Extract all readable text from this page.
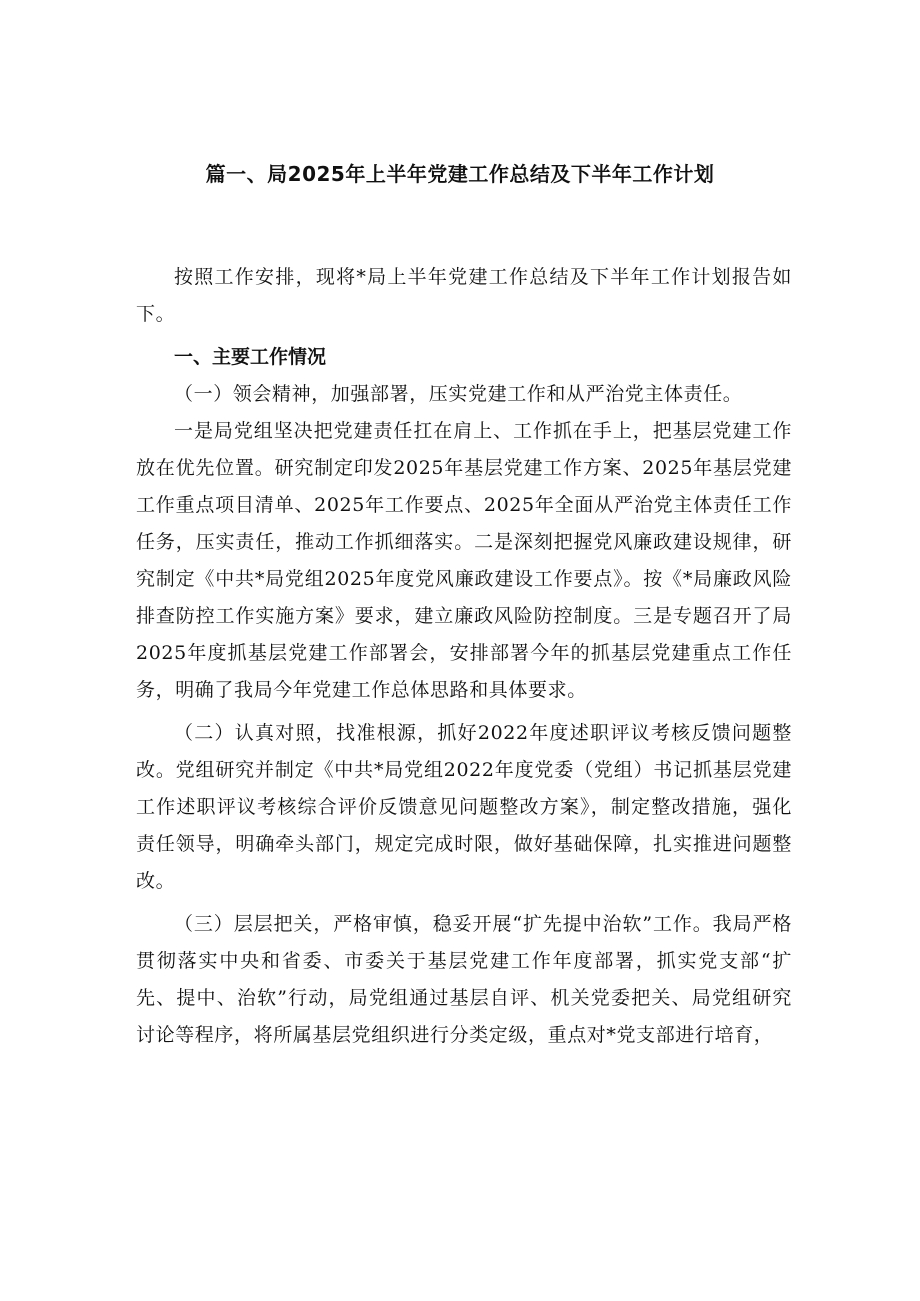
篇一、局2025年上半年党建工作总结及下半年工作计划

按照工作安排，现将*局上半年党建工作总结及下半年工作计划报告如下。

一、主要工作情况

（一）领会精神，加强部署，压实党建工作和从严治党主体责任。

一是局党组坚决把党建责任扛在肩上、工作抓在手上，把基层党建工作放在优先位置。研究制定印发2025年基层党建工作方案、2025年基层党建工作重点项目清单、2025年工作要点、2025年全面从严治党主体责任工作任务，压实责任，推动工作抓细落实。二是深刻把握党风廉政建设规律，研究制定《中共*局党组2025年度党风廉政建设工作要点》。按《*局廉政风险排查防控工作实施方案》要求，建立廉政风险防控制度。三是专题召开了局2025年度抓基层党建工作部署会，安排部署今年的抓基层党建重点工作任务，明确了我局今年党建工作总体思路和具体要求。

（二）认真对照，找准根源，抓好2022年度述职评议考核反馈问题整改。党组研究并制定《中共*局党组2022年度党委（党组）书记抓基层党建工作述职评议考核综合评价反馈意见问题整改方案》，制定整改措施，强化责任领导，明确牵头部门，规定完成时限，做好基础保障，扎实推进问题整改。

（三）层层把关，严格审慎，稳妥开展“扩先提中治软”工作。我局严格贯彻落实中央和省委、市委关于基层党建工作年度部署，抓实党支部“扩先、提中、治软”行动，局党组通过基层自评、机关党委把关、局党组研究讨论等程序，将所属基层党组织进行分类定级，重点对*党支部进行培育，
